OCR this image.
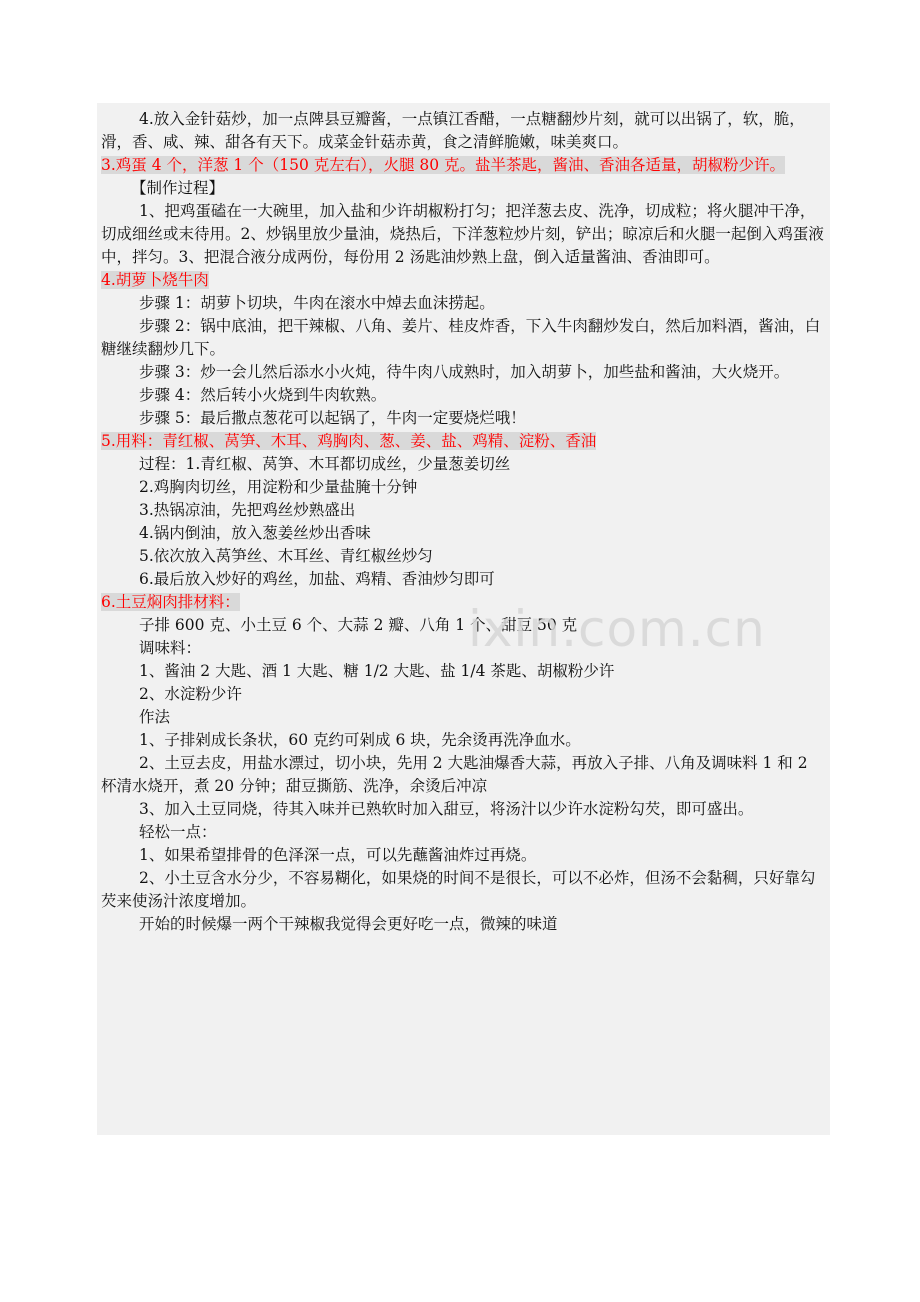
4.放入金针菇炒，加一点陴县豆瓣酱，一点镇江香醋，一点糖翻炒片刻，就可以出锅了，软，脆，滑，香、咸、辣、甜各有天下。成菜金针菇赤黄，食之清鲜脆嫩，味美爽口。

3.鸡蛋 4 个，洋葱 1 个（150 克左右），火腿 80 克。盐半茶匙，酱油、香油各适量，胡椒粉少许。

【制作过程】

1、把鸡蛋磕在一大碗里，加入盐和少许胡椒粉打匀；把洋葱去皮、洗净，切成粒；将火腿冲干净，切成细丝或末待用。2、炒锅里放少量油，烧热后，下洋葱粒炒片刻，铲出；晾凉后和火腿一起倒入鸡蛋液中，拌匀。3、把混合液分成两份，每份用 2 汤匙油炒熟上盘，倒入适量酱油、香油即可。

4.胡萝卜烧牛肉

步骤 1：胡萝卜切块，牛肉在滚水中焯去血沫捞起。

步骤 2：锅中底油，把干辣椒、八角、姜片、桂皮炸香，下入牛肉翻炒发白，然后加料酒，酱油，白糖继续翻炒几下。

步骤 3：炒一会儿然后添水小火炖，待牛肉八成熟时，加入胡萝卜，加些盐和酱油，大火烧开。

步骤 4：然后转小火烧到牛肉软熟。

步骤 5：最后撒点葱花可以起锅了，牛肉一定要烧烂哦！

5.用料：青红椒、莴笋、木耳、鸡胸肉、葱、姜、盐、鸡精、淀粉、香油

过程：1.青红椒、莴笋、木耳都切成丝，少量葱姜切丝

2.鸡胸肉切丝，用淀粉和少量盐腌十分钟

3.热锅凉油，先把鸡丝炒熟盛出

4.锅内倒油，放入葱姜丝炒出香味

5.依次放入莴笋丝、木耳丝、青红椒丝炒匀

6.最后放入炒好的鸡丝，加盐、鸡精、香油炒匀即可

6.土豆焖肉排材料：

子排 600 克、小土豆 6 个、大蒜 2 瓣、八角 1 个、甜豆 50 克

调味料：

1、酱油 2 大匙、酒 1 大匙、糖 1/2 大匙、盐 1/4 茶匙、胡椒粉少许

2、水淀粉少许

作法

1、子排剁成长条状，60 克约可剁成 6 块，先余烫再洗净血水。

2、土豆去皮，用盐水漂过，切小块，先用 2 大匙油爆香大蒜，再放入子排、八角及调味料 1 和 2 杯清水烧开，煮 20 分钟；甜豆撕筋、洗净，余烫后冲凉

3、加入土豆同烧，待其入味并已熟软时加入甜豆，将汤汁以少许水淀粉勾芡，即可盛出。

轻松一点：

1、如果希望排骨的色泽深一点，可以先蘸酱油炸过再烧。

2、小土豆含水分少，不容易糊化，如果烧的时间不是很长，可以不必炸，但汤不会黏稠，只好靠勾芡来使汤汁浓度增加。

开始的时候爆一两个干辣椒我觉得会更好吃一点，微辣的味道

ixin.com.cn
